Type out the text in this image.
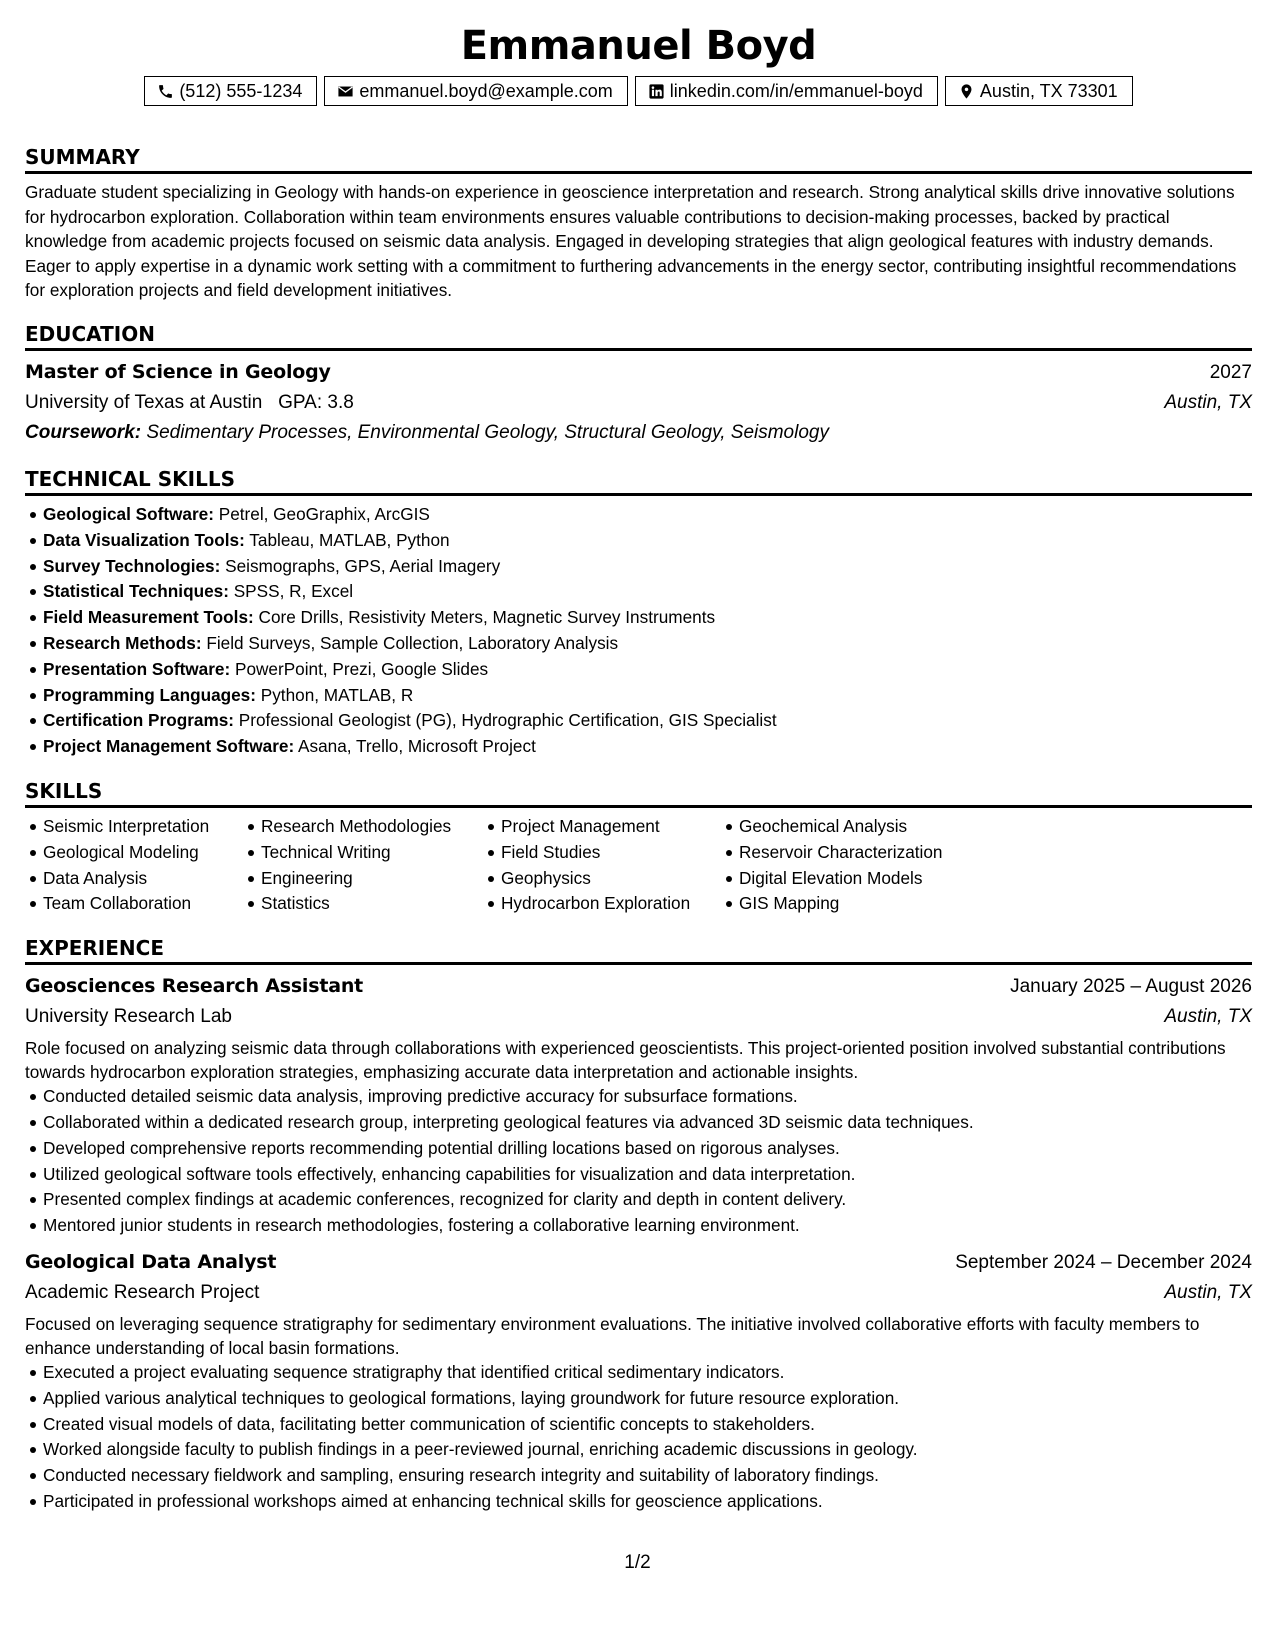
Emmanuel Boyd
(512) 555-1234	emmanuel.boyd@example.com	linkedin.com/in/emmanuel-boyd	Austin, TX 73301
SUMMARY
Graduate student specializing in Geology with hands-on experience in geoscience interpretation and research. Strong analytical skills drive innovative solutions for hydrocarbon exploration. Collaboration within team environments ensures valuable contributions to decision-making processes, backed by practical knowledge from academic projects focused on seismic data analysis. Engaged in developing strategies that align geological features with industry demands. Eager to apply expertise in a dynamic work setting with a commitment to furthering advancements in the energy sector, contributing insightful recommendations for exploration projects and field development initiatives.
EDUCATION
Master of Science in Geology	2027
University of Texas at Austin GPA: 3.8	Austin, TX
Coursework: Sedimentary Processes, Environmental Geology, Structural Geology, Seismology
TECHNICAL SKILLS
Geological Software: Petrel, GeoGraphix, ArcGIS
Data Visualization Tools: Tableau, MATLAB, Python
Survey Technologies: Seismographs, GPS, Aerial Imagery
Statistical Techniques: SPSS, R, Excel
Field Measurement Tools: Core Drills, Resistivity Meters, Magnetic Survey Instruments
Research Methods: Field Surveys, Sample Collection, Laboratory Analysis
Presentation Software: PowerPoint, Prezi, Google Slides
Programming Languages: Python, MATLAB, R
Certification Programs: Professional Geologist (PG), Hydrographic Certification, GIS Specialist
Project Management Software: Asana, Trello, Microsoft Project
SKILLS
Seismic Interpretation
Geological Modeling
Data Analysis
Team Collaboration
Research Methodologies
Technical Writing
Engineering
Statistics
Project Management
Field Studies
Geophysics
Hydrocarbon Exploration
Geochemical Analysis
Reservoir Characterization
Digital Elevation Models
GIS Mapping
EXPERIENCE
Geosciences Research Assistant	January 2025 – August 2026
University Research Lab	Austin, TX
Role focused on analyzing seismic data through collaborations with experienced geoscientists. This project-oriented position involved substantial contributions towards hydrocarbon exploration strategies, emphasizing accurate data interpretation and actionable insights.
Conducted detailed seismic data analysis, improving predictive accuracy for subsurface formations.
Collaborated within a dedicated research group, interpreting geological features via advanced 3D seismic data techniques.
Developed comprehensive reports recommending potential drilling locations based on rigorous analyses.
Utilized geological software tools effectively, enhancing capabilities for visualization and data interpretation.
Presented complex findings at academic conferences, recognized for clarity and depth in content delivery.
Mentored junior students in research methodologies, fostering a collaborative learning environment.
Geological Data Analyst	September 2024 – December 2024
Academic Research Project	Austin, TX
Focused on leveraging sequence stratigraphy for sedimentary environment evaluations. The initiative involved collaborative efforts with faculty members to enhance understanding of local basin formations.
Executed a project evaluating sequence stratigraphy that identified critical sedimentary indicators.
Applied various analytical techniques to geological formations, laying groundwork for future resource exploration.
Created visual models of data, facilitating better communication of scientific concepts to stakeholders.
Worked alongside faculty to publish findings in a peer-reviewed journal, enriching academic discussions in geology.
Conducted necessary fieldwork and sampling, ensuring research integrity and suitability of laboratory findings.
Participated in professional workshops aimed at enhancing technical skills for geoscience applications.
1/2
